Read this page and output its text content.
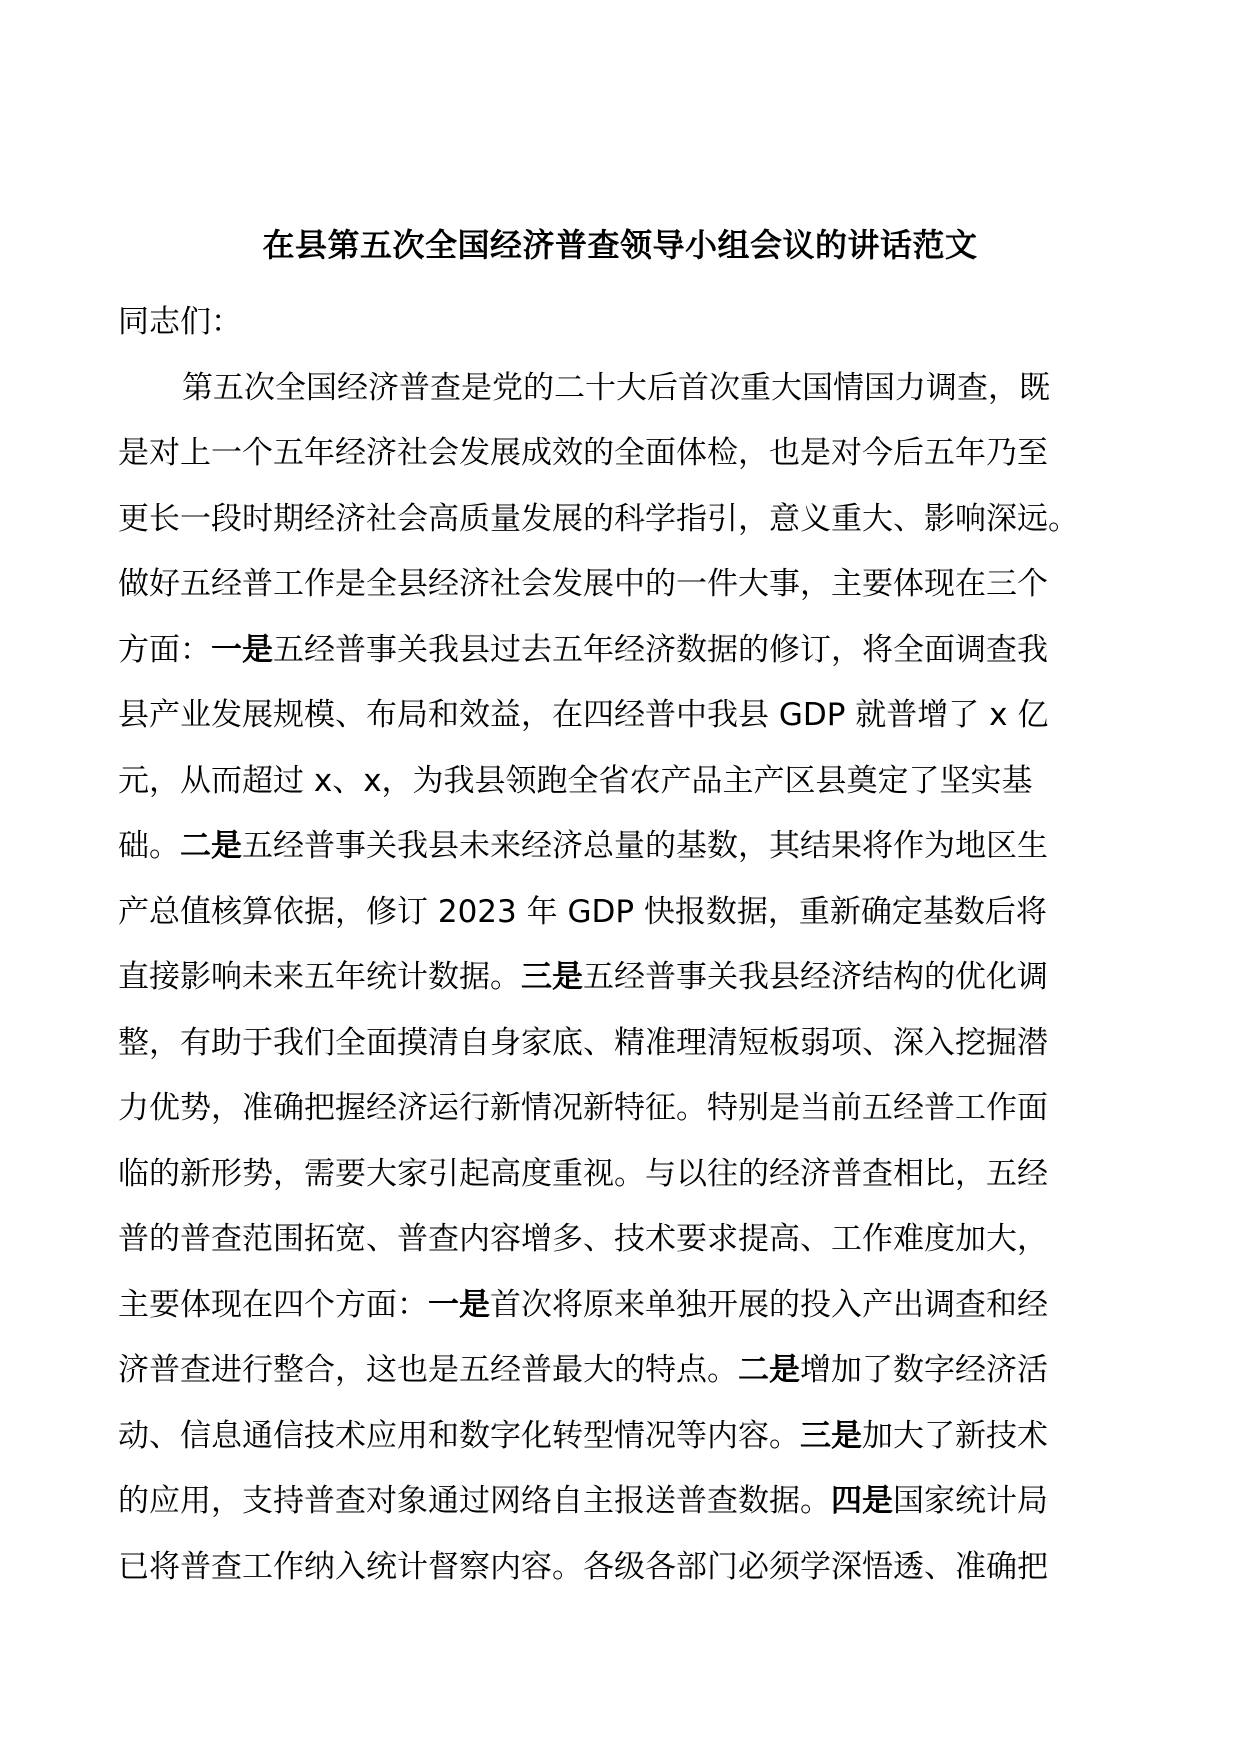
在县第五次全国经济普查领导小组会议的讲话范文
同志们：
第五次全国经济普查是党的二十大后首次重大国情国力调查，既
是对上一个五年经济社会发展成效的全面体检，也是对今后五年乃至
更长一段时期经济社会高质量发展的科学指引，意义重大、影响深远。
做好五经普工作是全县经济社会发展中的一件大事，主要体现在三个
方面：一是五经普事关我县过去五年经济数据的修订，将全面调查我
县产业发展规模、布局和效益，在四经普中我县 GDP 就普增了 x 亿
元，从而超过 x、x，为我县领跑全省农产品主产区县奠定了坚实基
础。二是五经普事关我县未来经济总量的基数，其结果将作为地区生
产总值核算依据，修订 2023 年 GDP 快报数据，重新确定基数后将
直接影响未来五年统计数据。三是五经普事关我县经济结构的优化调
整，有助于我们全面摸清自身家底、精准理清短板弱项、深入挖掘潜
力优势，准确把握经济运行新情况新特征。特别是当前五经普工作面
临的新形势，需要大家引起高度重视。与以往的经济普查相比，五经
普的普查范围拓宽、普查内容增多、技术要求提高、工作难度加大，
主要体现在四个方面：一是首次将原来单独开展的投入产出调查和经
济普查进行整合，这也是五经普最大的特点。二是增加了数字经济活
动、信息通信技术应用和数字化转型情况等内容。三是加大了新技术
的应用，支持普查对象通过网络自主报送普查数据。四是国家统计局
已将普查工作纳入统计督察内容。各级各部门必须学深悟透、准确把
